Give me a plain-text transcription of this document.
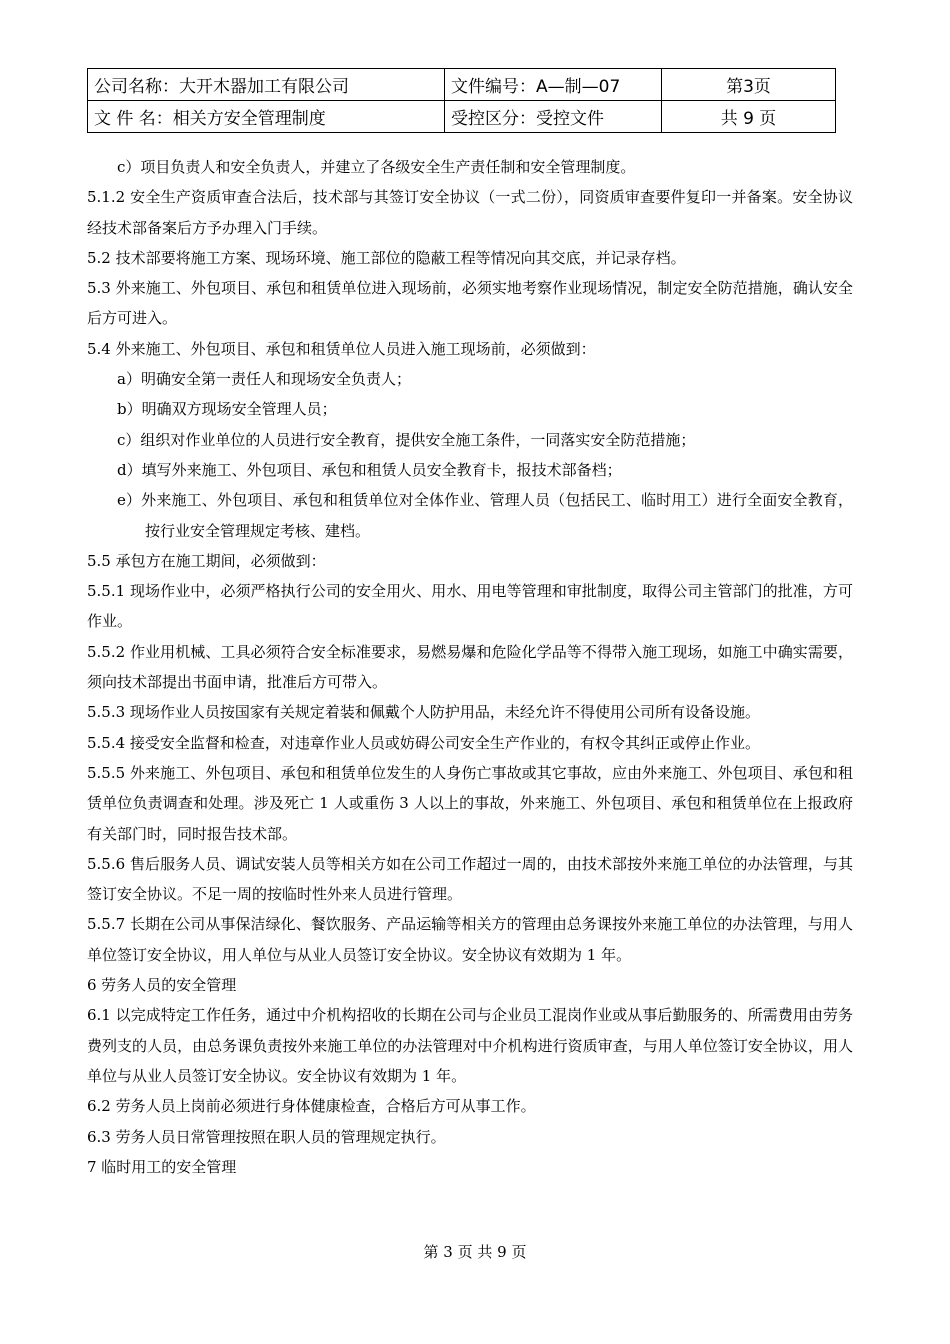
公司名称：大开木器加工有限公司	文件编号：A—制—07	第3页
文 件 名：相关方安全管理制度	受控区分：受控文件	共 9 页

c）项目负责人和安全负责人，并建立了各级安全生产责任制和安全管理制度。

5.1.2 安全生产资质审查合法后，技术部与其签订安全协议（一式二份），同资质审查要件复印一并备案。安全协议经技术部备案后方予办理入门手续。

5.2 技术部要将施工方案、现场环境、施工部位的隐蔽工程等情况向其交底，并记录存档。

5.3 外来施工、外包项目、承包和租赁单位进入现场前，必须实地考察作业现场情况，制定安全防范措施，确认安全后方可进入。

5.4 外来施工、外包项目、承包和租赁单位人员进入施工现场前，必须做到：

a）明确安全第一责任人和现场安全负责人；

b）明确双方现场安全管理人员；

c）组织对作业单位的人员进行安全教育，提供安全施工条件，一同落实安全防范措施；

d）填写外来施工、外包项目、承包和租赁人员安全教育卡，报技术部备档；

e）外来施工、外包项目、承包和租赁单位对全体作业、管理人员（包括民工、临时用工）进行全面安全教育，按行业安全管理规定考核、建档。

5.5 承包方在施工期间，必须做到：

5.5.1 现场作业中，必须严格执行公司的安全用火、用水、用电等管理和审批制度，取得公司主管部门的批准，方可作业。

5.5.2 作业用机械、工具必须符合安全标准要求，易燃易爆和危险化学品等不得带入施工现场，如施工中确实需要，须向技术部提出书面申请，批准后方可带入。

5.5.3 现场作业人员按国家有关规定着装和佩戴个人防护用品，未经允许不得使用公司所有设备设施。

5.5.4 接受安全监督和检查，对违章作业人员或妨碍公司安全生产作业的，有权令其纠正或停止作业。

5.5.5 外来施工、外包项目、承包和租赁单位发生的人身伤亡事故或其它事故，应由外来施工、外包项目、承包和租赁单位负责调查和处理。涉及死亡 1 人或重伤 3 人以上的事故，外来施工、外包项目、承包和租赁单位在上报政府有关部门时，同时报告技术部。

5.5.6 售后服务人员、调试安装人员等相关方如在公司工作超过一周的，由技术部按外来施工单位的办法管理，与其签订安全协议。不足一周的按临时性外来人员进行管理。

5.5.7 长期在公司从事保洁绿化、餐饮服务、产品运输等相关方的管理由总务课按外来施工单位的办法管理，与用人单位签订安全协议，用人单位与从业人员签订安全协议。安全协议有效期为 1 年。

6 劳务人员的安全管理

6.1 以完成特定工作任务，通过中介机构招收的长期在公司与企业员工混岗作业或从事后勤服务的、所需费用由劳务费列支的人员，由总务课负责按外来施工单位的办法管理对中介机构进行资质审查，与用人单位签订安全协议，用人单位与从业人员签订安全协议。安全协议有效期为 1 年。

6.2 劳务人员上岗前必须进行身体健康检查，合格后方可从事工作。

6.3 劳务人员日常管理按照在职人员的管理规定执行。

7 临时用工的安全管理

第 3 页 共 9 页
